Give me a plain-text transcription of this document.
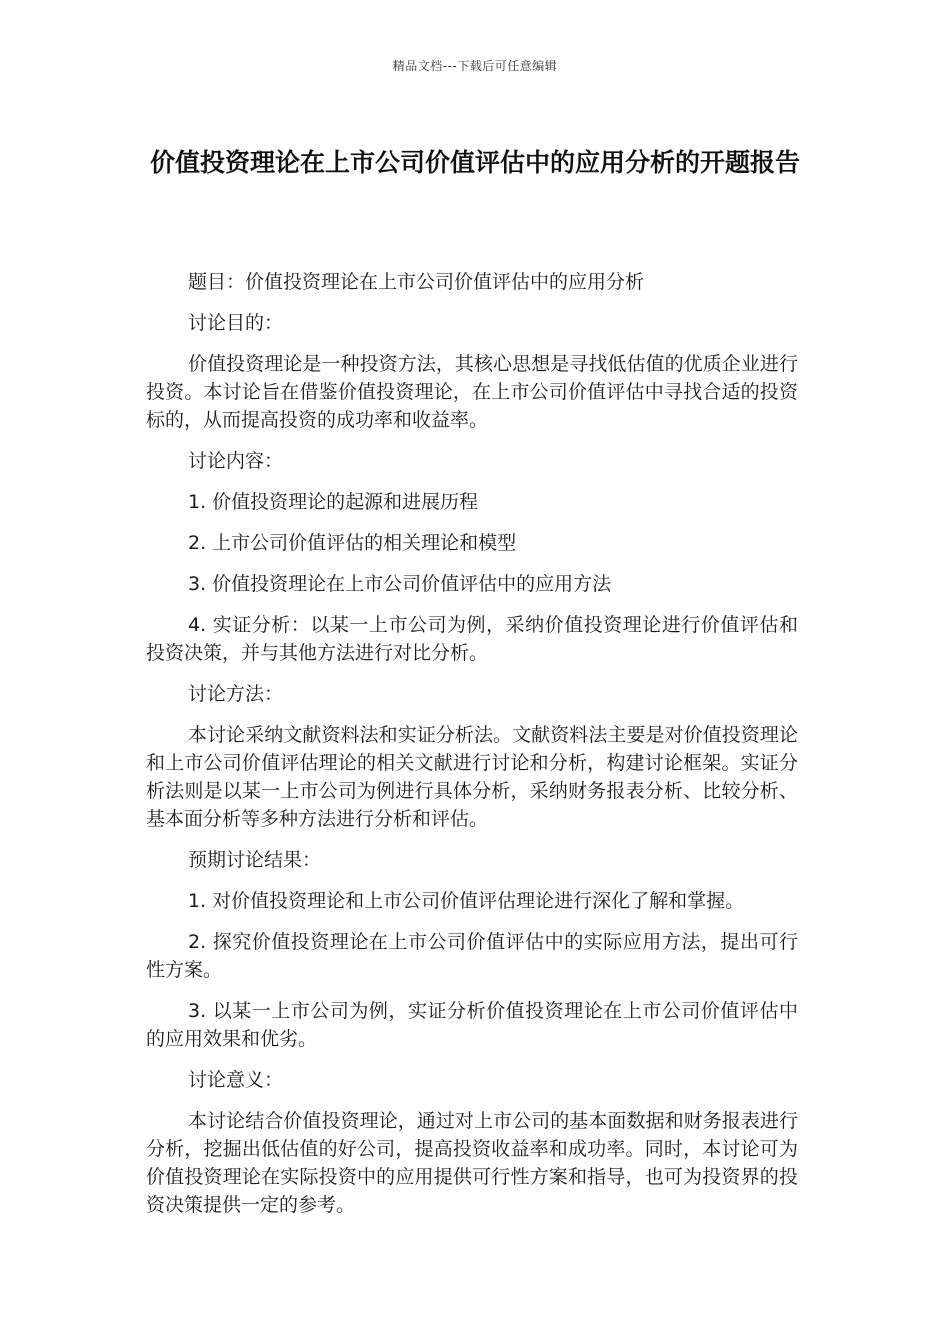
精品文档---下载后可任意编辑
价值投资理论在上市公司价值评估中的应用分析的开题报告

题目：价值投资理论在上市公司价值评估中的应用分析

讨论目的：

价值投资理论是一种投资方法，其核心思想是寻找低估值的优质企业进行投资。本讨论旨在借鉴价值投资理论，在上市公司价值评估中寻找合适的投资标的，从而提高投资的成功率和收益率。

讨论内容：

1. 价值投资理论的起源和进展历程

2. 上市公司价值评估的相关理论和模型

3. 价值投资理论在上市公司价值评估中的应用方法

4. 实证分析：以某一上市公司为例，采纳价值投资理论进行价值评估和投资决策，并与其他方法进行对比分析。

讨论方法：

本讨论采纳文献资料法和实证分析法。文献资料法主要是对价值投资理论和上市公司价值评估理论的相关文献进行讨论和分析，构建讨论框架。实证分析法则是以某一上市公司为例进行具体分析，采纳财务报表分析、比较分析、基本面分析等多种方法进行分析和评估。

预期讨论结果：

1. 对价值投资理论和上市公司价值评估理论进行深化了解和掌握。

2. 探究价值投资理论在上市公司价值评估中的实际应用方法，提出可行性方案。

3. 以某一上市公司为例，实证分析价值投资理论在上市公司价值评估中的应用效果和优劣。

讨论意义：

本讨论结合价值投资理论，通过对上市公司的基本面数据和财务报表进行分析，挖掘出低估值的好公司，提高投资收益率和成功率。同时，本讨论可为价值投资理论在实际投资中的应用提供可行性方案和指导，也可为投资界的投资决策提供一定的参考。
